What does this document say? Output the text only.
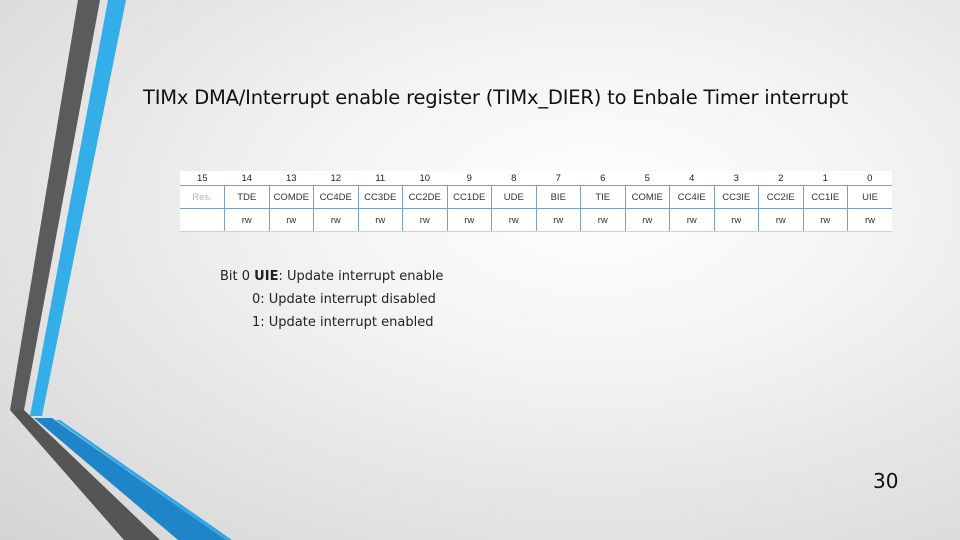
TIMx DMA/Interrupt enable register (TIMx_DIER) to Enbale Timer interrupt
15	14	13	12	11	10	9	8	7	6	5	4	3	2	1	0
Res.	TDE	COMDE	CC4DE	CC3DE	CC2DE	CC1DE	UDE	BIE	TIE	COMIE	CC4IE	CC3IE	CC2IE	CC1IE	UIE
	rw	rw	rw	rw	rw	rw	rw	rw	rw	rw	rw	rw	rw	rw	rw
Bit 0 UIE: Update interrupt enable
0: Update interrupt disabled
1: Update interrupt enabled
30
